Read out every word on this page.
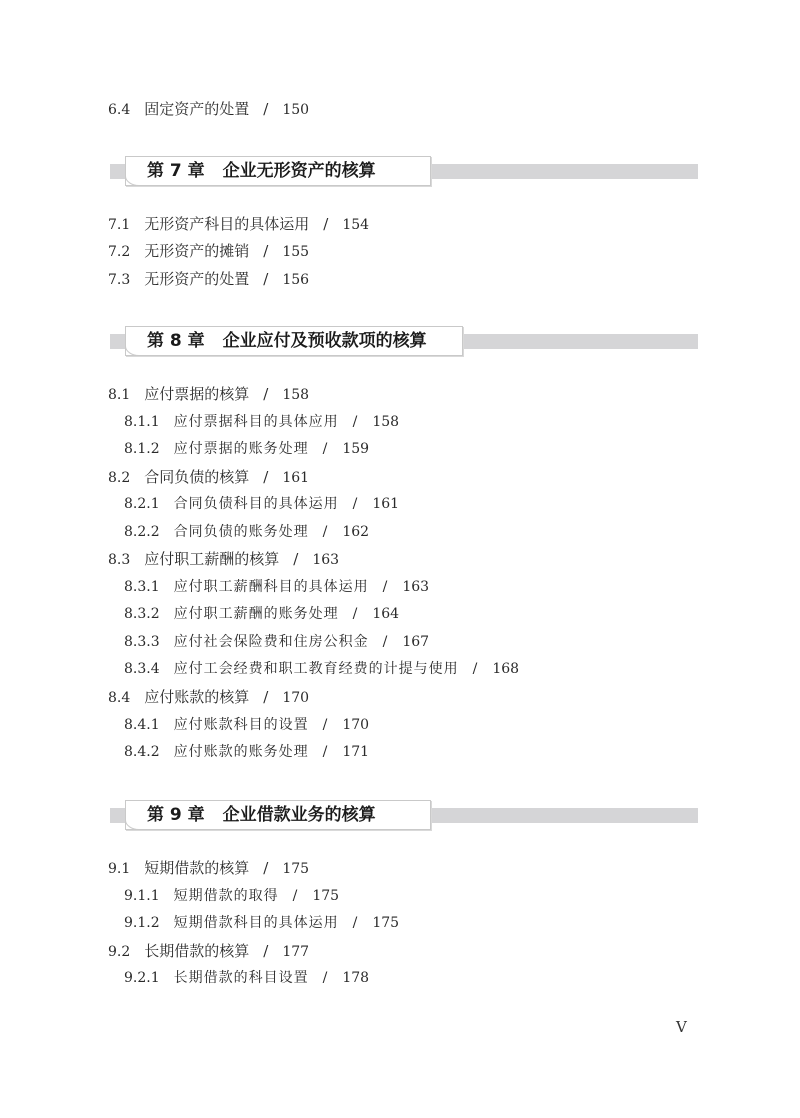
6.4 固定资产的处置 / 150
第 7 章 企业无形资产的核算
7.1 无形资产科目的具体运用 / 154
7.2 无形资产的摊销 / 155
7.3 无形资产的处置 / 156
第 8 章 企业应付及预收款项的核算
8.1 应付票据的核算 / 158
8.1.1 应付票据科目的具体应用 / 158
8.1.2 应付票据的账务处理 / 159
8.2 合同负债的核算 / 161
8.2.1 合同负债科目的具体运用 / 161
8.2.2 合同负债的账务处理 / 162
8.3 应付职工薪酬的核算 / 163
8.3.1 应付职工薪酬科目的具体运用 / 163
8.3.2 应付职工薪酬的账务处理 / 164
8.3.3 应付社会保险费和住房公积金 / 167
8.3.4 应付工会经费和职工教育经费的计提与使用 / 168
8.4 应付账款的核算 / 170
8.4.1 应付账款科目的设置 / 170
8.4.2 应付账款的账务处理 / 171
第 9 章 企业借款业务的核算
9.1 短期借款的核算 / 175
9.1.1 短期借款的取得 / 175
9.1.2 短期借款科目的具体运用 / 175
9.2 长期借款的核算 / 177
9.2.1 长期借款的科目设置 / 178
V
